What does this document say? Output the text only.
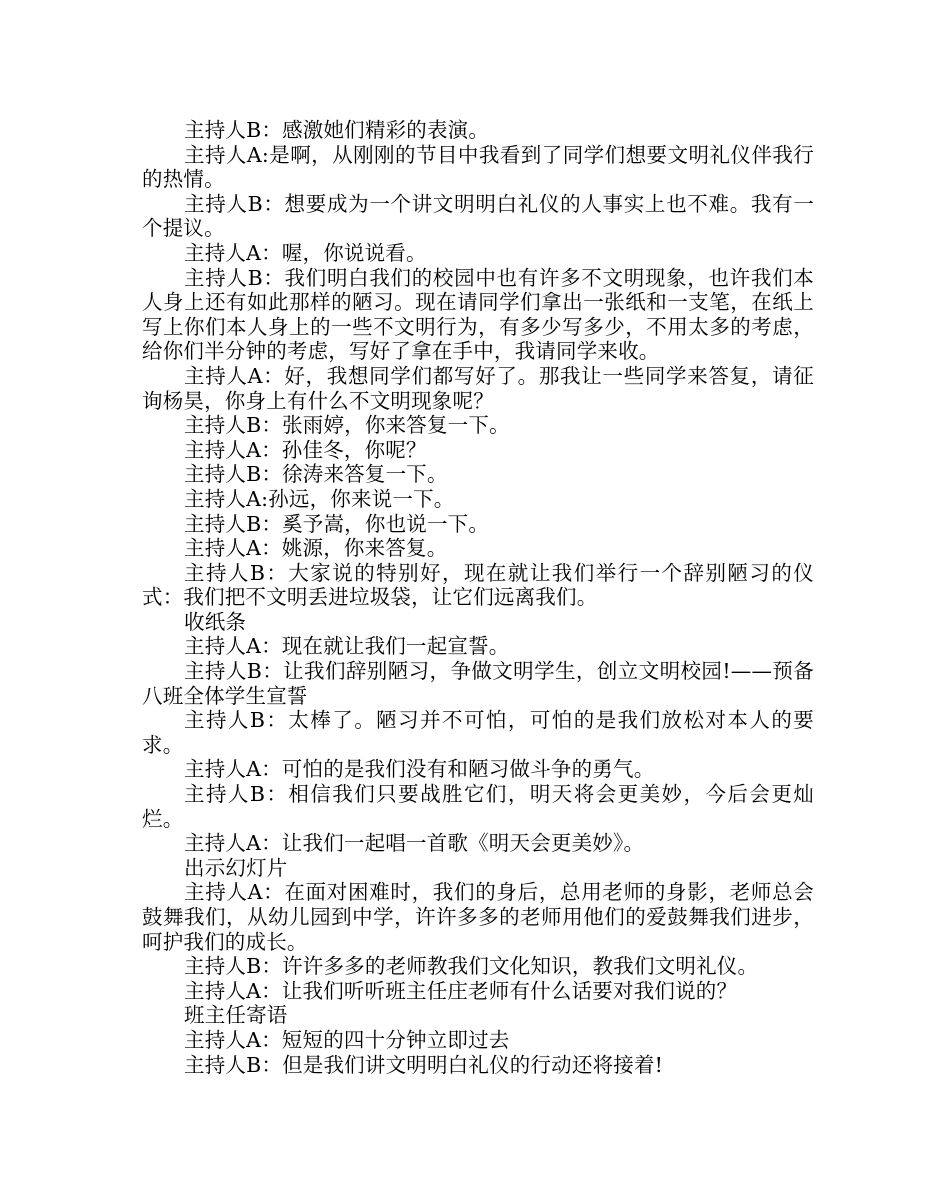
主持人B：感激她们精彩的表演。

主持人A:是啊，从刚刚的节目中我看到了同学们想要文明礼仪伴我行的热情。

主持人B：想要成为一个讲文明明白礼仪的人事实上也不难。我有一个提议。

主持人A：喔，你说说看。

主持人B：我们明白我们的校园中也有许多不文明现象，也许我们本人身上还有如此那样的陋习。现在请同学们拿出一张纸和一支笔，在纸上写上你们本人身上的一些不文明行为，有多少写多少，不用太多的考虑，给你们半分钟的考虑，写好了拿在手中，我请同学来收。

主持人A：好，我想同学们都写好了。那我让一些同学来答复，请征询杨昊，你身上有什么不文明现象呢？

主持人B：张雨婷，你来答复一下。

主持人A：孙佳冬，你呢？

主持人B：徐涛来答复一下。

主持人A:孙远，你来说一下。

主持人B：奚予嵩，你也说一下。

主持人A：姚源，你来答复。

主持人B：大家说的特别好，现在就让我们举行一个辞别陋习的仪式：我们把不文明丢进垃圾袋，让它们远离我们。

收纸条

主持人A：现在就让我们一起宣誓。

主持人B：让我们辞别陋习，争做文明学生，创立文明校园!——预备八班全体学生宣誓

主持人B：太棒了。陋习并不可怕，可怕的是我们放松对本人的要求。

主持人A：可怕的是我们没有和陋习做斗争的勇气。

主持人B：相信我们只要战胜它们，明天将会更美妙，今后会更灿烂。

主持人A：让我们一起唱一首歌《明天会更美妙》。

出示幻灯片

主持人A：在面对困难时，我们的身后，总用老师的身影，老师总会鼓舞我们，从幼儿园到中学，许许多多的老师用他们的爱鼓舞我们进步，呵护我们的成长。

主持人B：许许多多的老师教我们文化知识，教我们文明礼仪。

主持人A：让我们听听班主任庄老师有什么话要对我们说的？

班主任寄语

主持人A：短短的四十分钟立即过去

主持人B：但是我们讲文明明白礼仪的行动还将接着!
